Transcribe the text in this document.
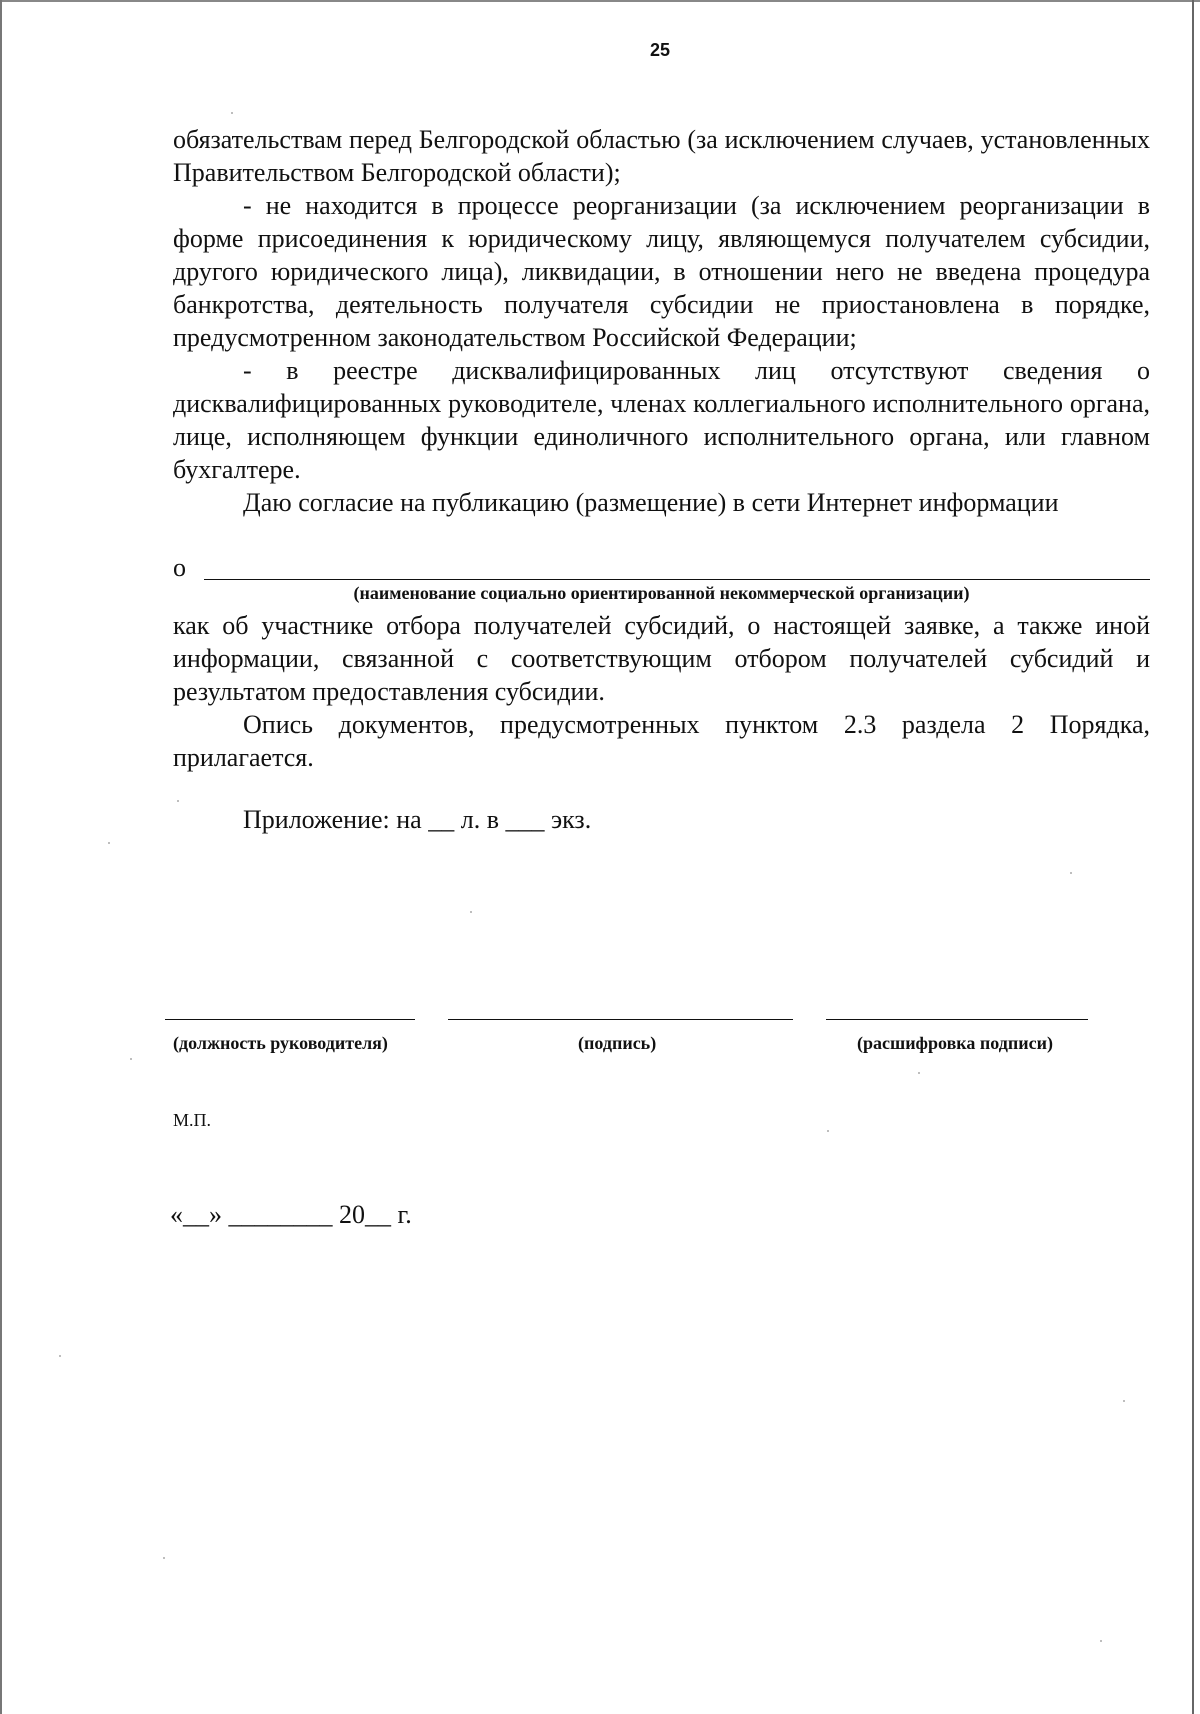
25

обязательствам перед Белгородской областью (за исключением случаев, установленных Правительством Белгородской области);

- не находится в процессе реорганизации (за исключением реорганизации в форме присоединения к юридическому лицу, являющемуся получателем субсидии, другого юридического лица), ликвидации, в отношении него не введена процедура банкротства, деятельность получателя субсидии не приостановлена в порядке, предусмотренном законодательством Российской Федерации;

- в реестре дисквалифицированных лиц отсутствуют сведения о дисквалифицированных руководителе, членах коллегиального исполнительного органа, лице, исполняющем функции единоличного исполнительного органа, или главном бухгалтере.

Даю согласие на публикацию (размещение) в сети Интернет информации

о
(наименование социально ориентированной некоммерческой организации)

как об участнике отбора получателей субсидий, о настоящей заявке, а также иной информации, связанной с соответствующим отбором получателей субсидий и результатом предоставления субсидии.

Опись документов, предусмотренных пунктом 2.3 раздела 2 Порядка, прилагается.

Приложение: на __ л. в ___ экз.
(должность руководителя)	(подпись)	(расшифровка подписи)
М.П.
«__» ________ 20__ г.
